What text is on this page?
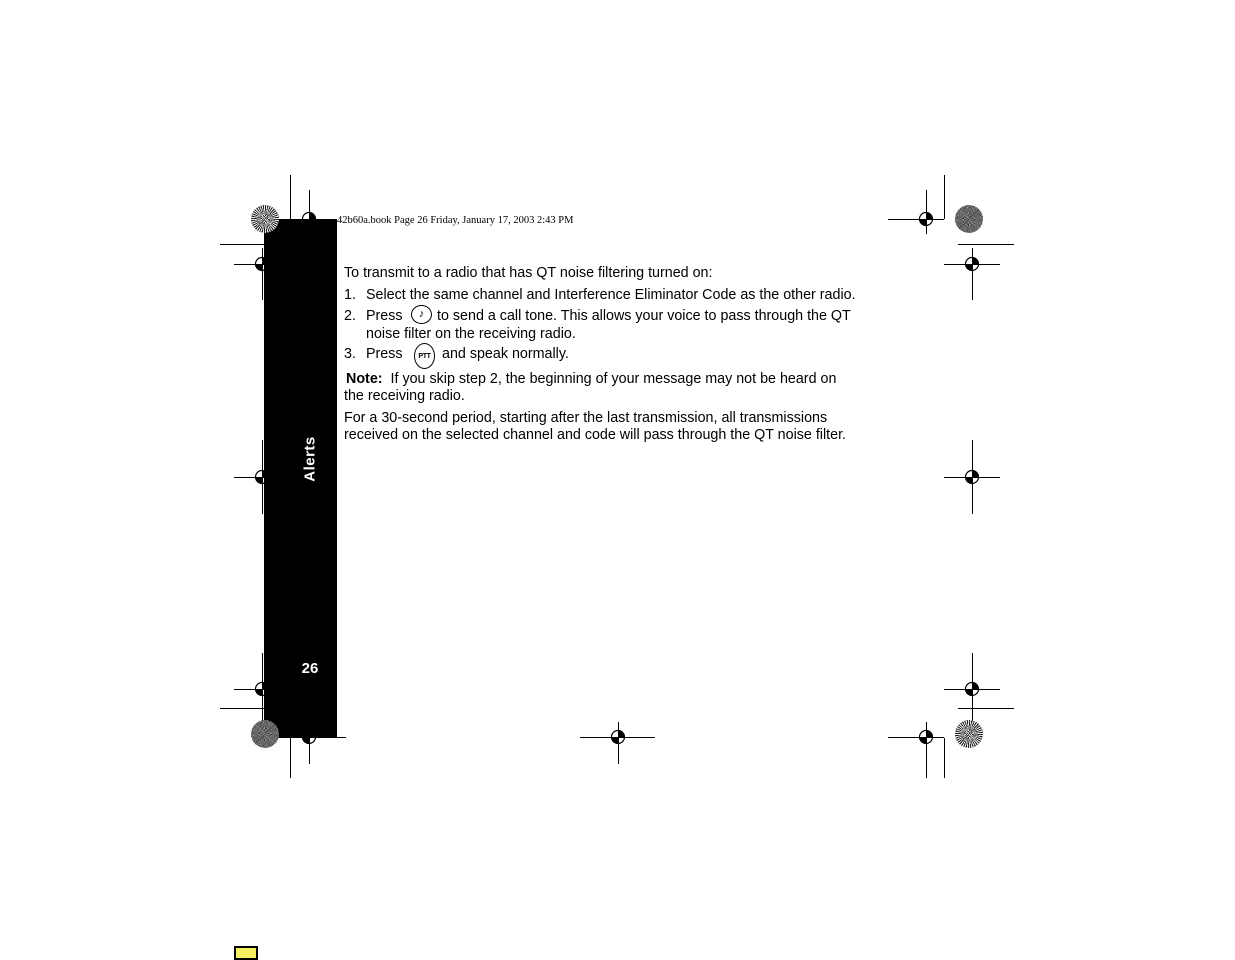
Alerts
26
42b60a.book Page 26 Friday, January 17, 2003 2:43 PM
To transmit to a radio that has QT noise filtering turned on:
1. Select the same channel and Interference Eliminator Code as the other radio.
2. Press ♪ to send a call tone. This allows your voice to pass through the QT
noise filter on the receiving radio.
3. Press PTT and speak normally.
Note: If you skip step 2, the beginning of your message may not be heard on
the receiving radio.
For a 30-second period, starting after the last transmission, all transmissions
received on the selected channel and code will pass through the QT noise filter.
